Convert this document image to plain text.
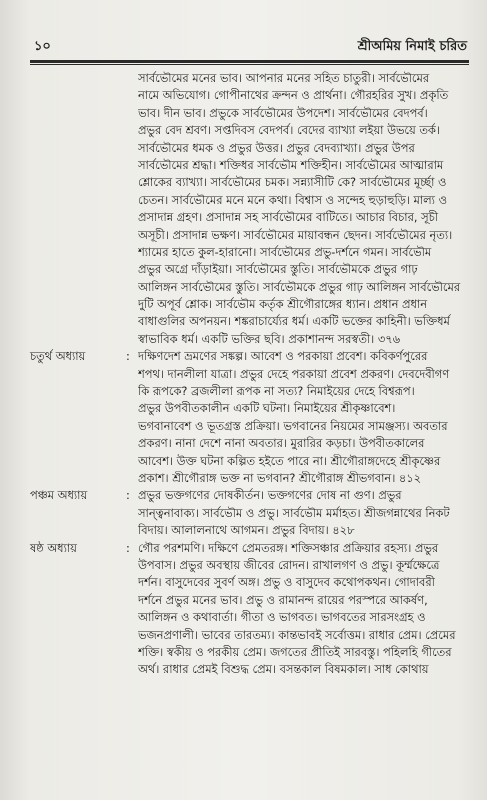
১০	শ্রীঅমিয় নিমাই চরিত
সার্বভৌমের মনের ভাব। আপনার মনের সহিত চাতুরী। সার্বভৌমের
নামে অভিযোগ। গোপীনাথের ক্রন্দন ও প্রার্থনা। গৌরহরির সুখ। প্রকৃতি
ভাব। দীন ভাব। প্রভুকে সার্বভৌমের উপদেশ। সার্বভৌমের বেদপর্ব।
প্রভুর বেদ শ্রবণ। সপ্তদিবস বেদপর্ব। বেদের ব্যাখ্যা লইয়া উভয়ে তর্ক।
সার্বভৌমের ধমক ও প্রভুর উত্তর। প্রভুর বেদব্যাখ্যা। প্রভুর উপর
সার্বভৌমের শ্রদ্ধা। শক্তিধর সার্বভৌম শক্তিহীন। সার্বভৌমের আত্মারাম
শ্লোকের ব্যাখ্যা। সার্বভৌমের চমক। সন্ন্যাসীটি কে? সার্বভৌমের মূর্চ্ছা ও
চেতন। সার্বভৌমের মনে মনে কথা। বিশ্বাস ও সন্দেহ হুড়াহুড়ি। মাল্য ও
প্রসাদান্ন গ্রহণ। প্রসাদান্ন সহ সার্বভৌমের বাটিতে। আচার বিচার, সূচী
অসূচী। প্রসাদান্ন ভক্ষণ। সার্বভৌমের মায়াবন্ধন ছেদন। সার্বভৌমের নৃত্য।
শ্যামের হাতে কুল-হারানো। সার্বভৌমের প্রভু-দর্শনে গমন। সার্বভৌম
প্রভুর অগ্রে দাঁড়াইয়া। সার্বভৌমের স্তুতি। সার্বভৌমকে প্রভুর গাঢ়
আলিঙ্গন সার্বভৌমের স্তুতি। সার্বভৌমকে প্রভুর গাঢ় আলিঙ্গন সার্বভৌমের
দুটি অপূর্ব শ্লোক। সার্বভৌম কর্তৃক শ্রীগৌরাঙ্গের ধ্যান। প্রধান প্রধান
বাধাগুলির অপনয়ন। শঙ্করাচার্য্যের ধর্ম। একটি ভক্তের কাহিনী। ভক্তিধর্ম
স্বাভাবিক ধর্ম। একটি ভক্তির ছবি। প্রকাশানন্দ সরস্বতী। ৩৭৬
চতুর্থ অধ্যায়	: দক্ষিণদেশ ভ্রমণের সঙ্কল্প। আবেশ ও পরকায়া প্রবেশ। কবিকর্ণপুরের
শপথ। দানলীলা যাত্রা। প্রভুর দেহে পরকায়া প্রবেশ প্রকরণ। দেবদেবীগণ
কি রূপকে? ব্রজলীলা রূপক না সত্য? নিমাইয়ের দেহে বিশ্বরূপ।
প্রভুর উপবীতকালীন একটি ঘটনা। নিমাইয়ের শ্রীকৃষ্ণাবেশ।
ভগবানাবেশ ও ভূতগ্রস্ত প্রক্রিয়া। ভগবানের নিয়মের সামঞ্জস্য। অবতার
প্রকরণ। নানা দেশে নানা অবতার। মুরারির কড়চা। উপবীতকালের
আবেশ। উক্ত ঘটনা কল্পিত হইতে পারে না। শ্রীগৌরাঙ্গদেহে শ্রীকৃষ্ণের
প্রকাশ। শ্রীগৌরাঙ্গ ভক্ত না ভগবান? শ্রীগৌরাঙ্গ শ্রীভগবান। ৪১২
পঞ্চম অধ্যায়	: প্রভুর ভক্তগণের দোষকীর্তন। ভক্তগণের দোষ না গুণ। প্রভুর
সান্ত্বনাবাক্য। সার্বভৌম ও প্রভু। সার্বভৌম মর্মাহত। শ্রীজগন্নাথের নিকট
বিদায়। আলালনাথে আগমন। প্রভুর বিদায়। ৪২৮
ষষ্ঠ অধ্যায়	: গৌর পরশমণি। দক্ষিণে প্রেমতরঙ্গ। শক্তিসঞ্চার প্রক্রিয়ার রহস্য। প্রভুর
উপবাস। প্রভুর অবস্থায় জীবের রোদন। রাখালগণ ও প্রভু। কূর্ম্মক্ষেত্রে
দর্শন। বাসুদেবের সুবর্ণ অঙ্গ। প্রভু ও বাসুদেব কথোপকথন। গোদাবরী
দর্শনে প্রভুর মনের ভাব। প্রভু ও রামানন্দ রায়ের পরস্পরে আকর্ষণ,
আলিঙ্গন ও কথাবার্তা। গীতা ও ভাগবত। ভাগবতের সারসংগ্রহ ও
ভজনপ্রণালী। ভাবের তারতম্য। কান্তভাবই সর্বোত্তম। রাধার প্রেম। প্রেমের
শক্তি। স্বকীয় ও পরকীয় প্রেম। জগতের প্রীতিই সারবস্তু। পহিলহি গীতের
অর্থ। রাধার প্রেমই বিশুদ্ধ প্রেম। বসন্তকাল বিষমকাল। সাধ কোথায়
